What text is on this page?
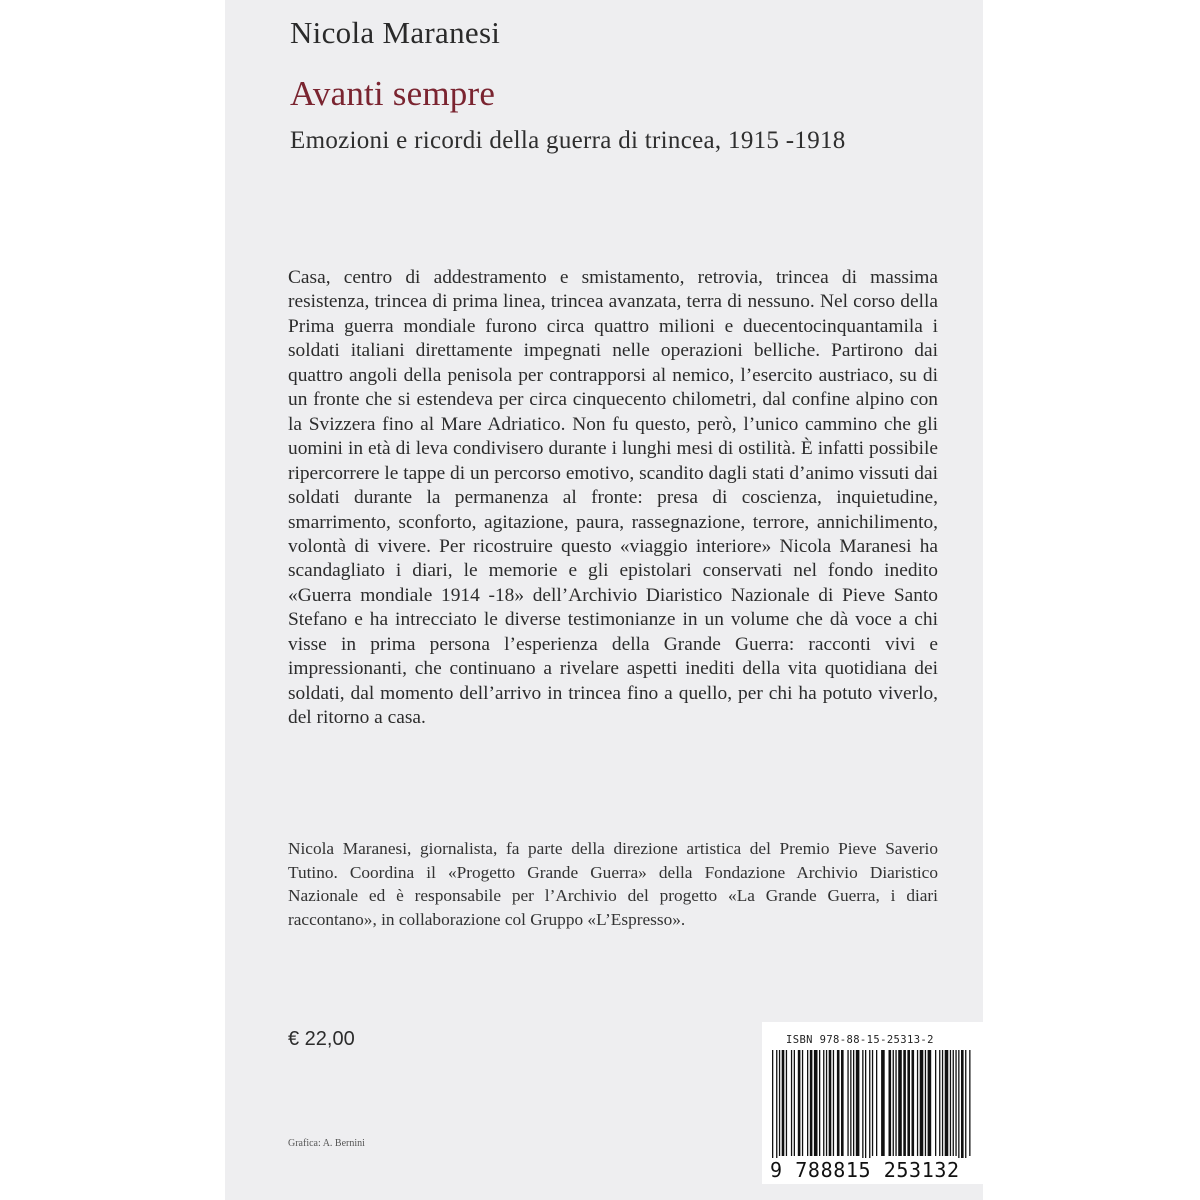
Nicola Maranesi
Avanti sempre
Emozioni e ricordi della guerra di trincea, 1915 -1918

Casa, centro di addestramento e smistamento, retrovia, trincea di massima resistenza, trincea di prima linea, trincea avanzata, terra di nessuno. Nel corso della Prima guerra mondiale furono circa quattro milioni e duecentocinquantamila i soldati italiani direttamente impegnati nelle operazioni belliche. Partirono dai quattro angoli della penisola per contrapporsi al nemico, l’esercito austriaco, su di un fronte che si estendeva per circa cinquecento chilometri, dal confine alpino con la Svizzera fino al Mare Adriatico. Non fu questo, però, l’unico cammino che gli uomini in età di leva condivisero durante i lunghi mesi di ostilità. È infatti possibile ripercorrere le tappe di un percorso emotivo, scandito dagli stati d’animo vissuti dai soldati durante la permanenza al fronte: presa di coscienza, inquietudine, smarrimento, sconforto, agitazione, paura, rassegnazione, terrore, annichilimento, volontà di vivere. Per ricostruire questo «viaggio interiore» Nicola Maranesi ha scandagliato i diari, le memorie e gli epistolari conservati nel fondo inedito «Guerra mondiale 1914 -18» dell’Archivio Diaristico Nazionale di Pieve Santo Stefano e ha intrecciato le diverse testimonianze in un volume che dà voce a chi visse in prima persona l’esperienza della Grande Guerra: racconti vivi e impressionanti, che continuano a rivelare aspetti inediti della vita quotidiana dei soldati, dal momento dell’arrivo in trincea fino a quello, per chi ha potuto viverlo, del ritorno a casa.

Nicola Maranesi, giornalista, fa parte della direzione artistica del Premio Pieve Saverio Tutino. Coordina il «Progetto Grande Guerra» della Fondazione Archivio Diaristico Nazionale ed è responsabile per l’Archivio del progetto «La Grande Guerra, i diari raccontano», in collaborazione col Gruppo «L’Espresso».

€ 22,00
Grafica: A. Bernini
ISBN 978-88-15-25313-2
9 788815 253132
